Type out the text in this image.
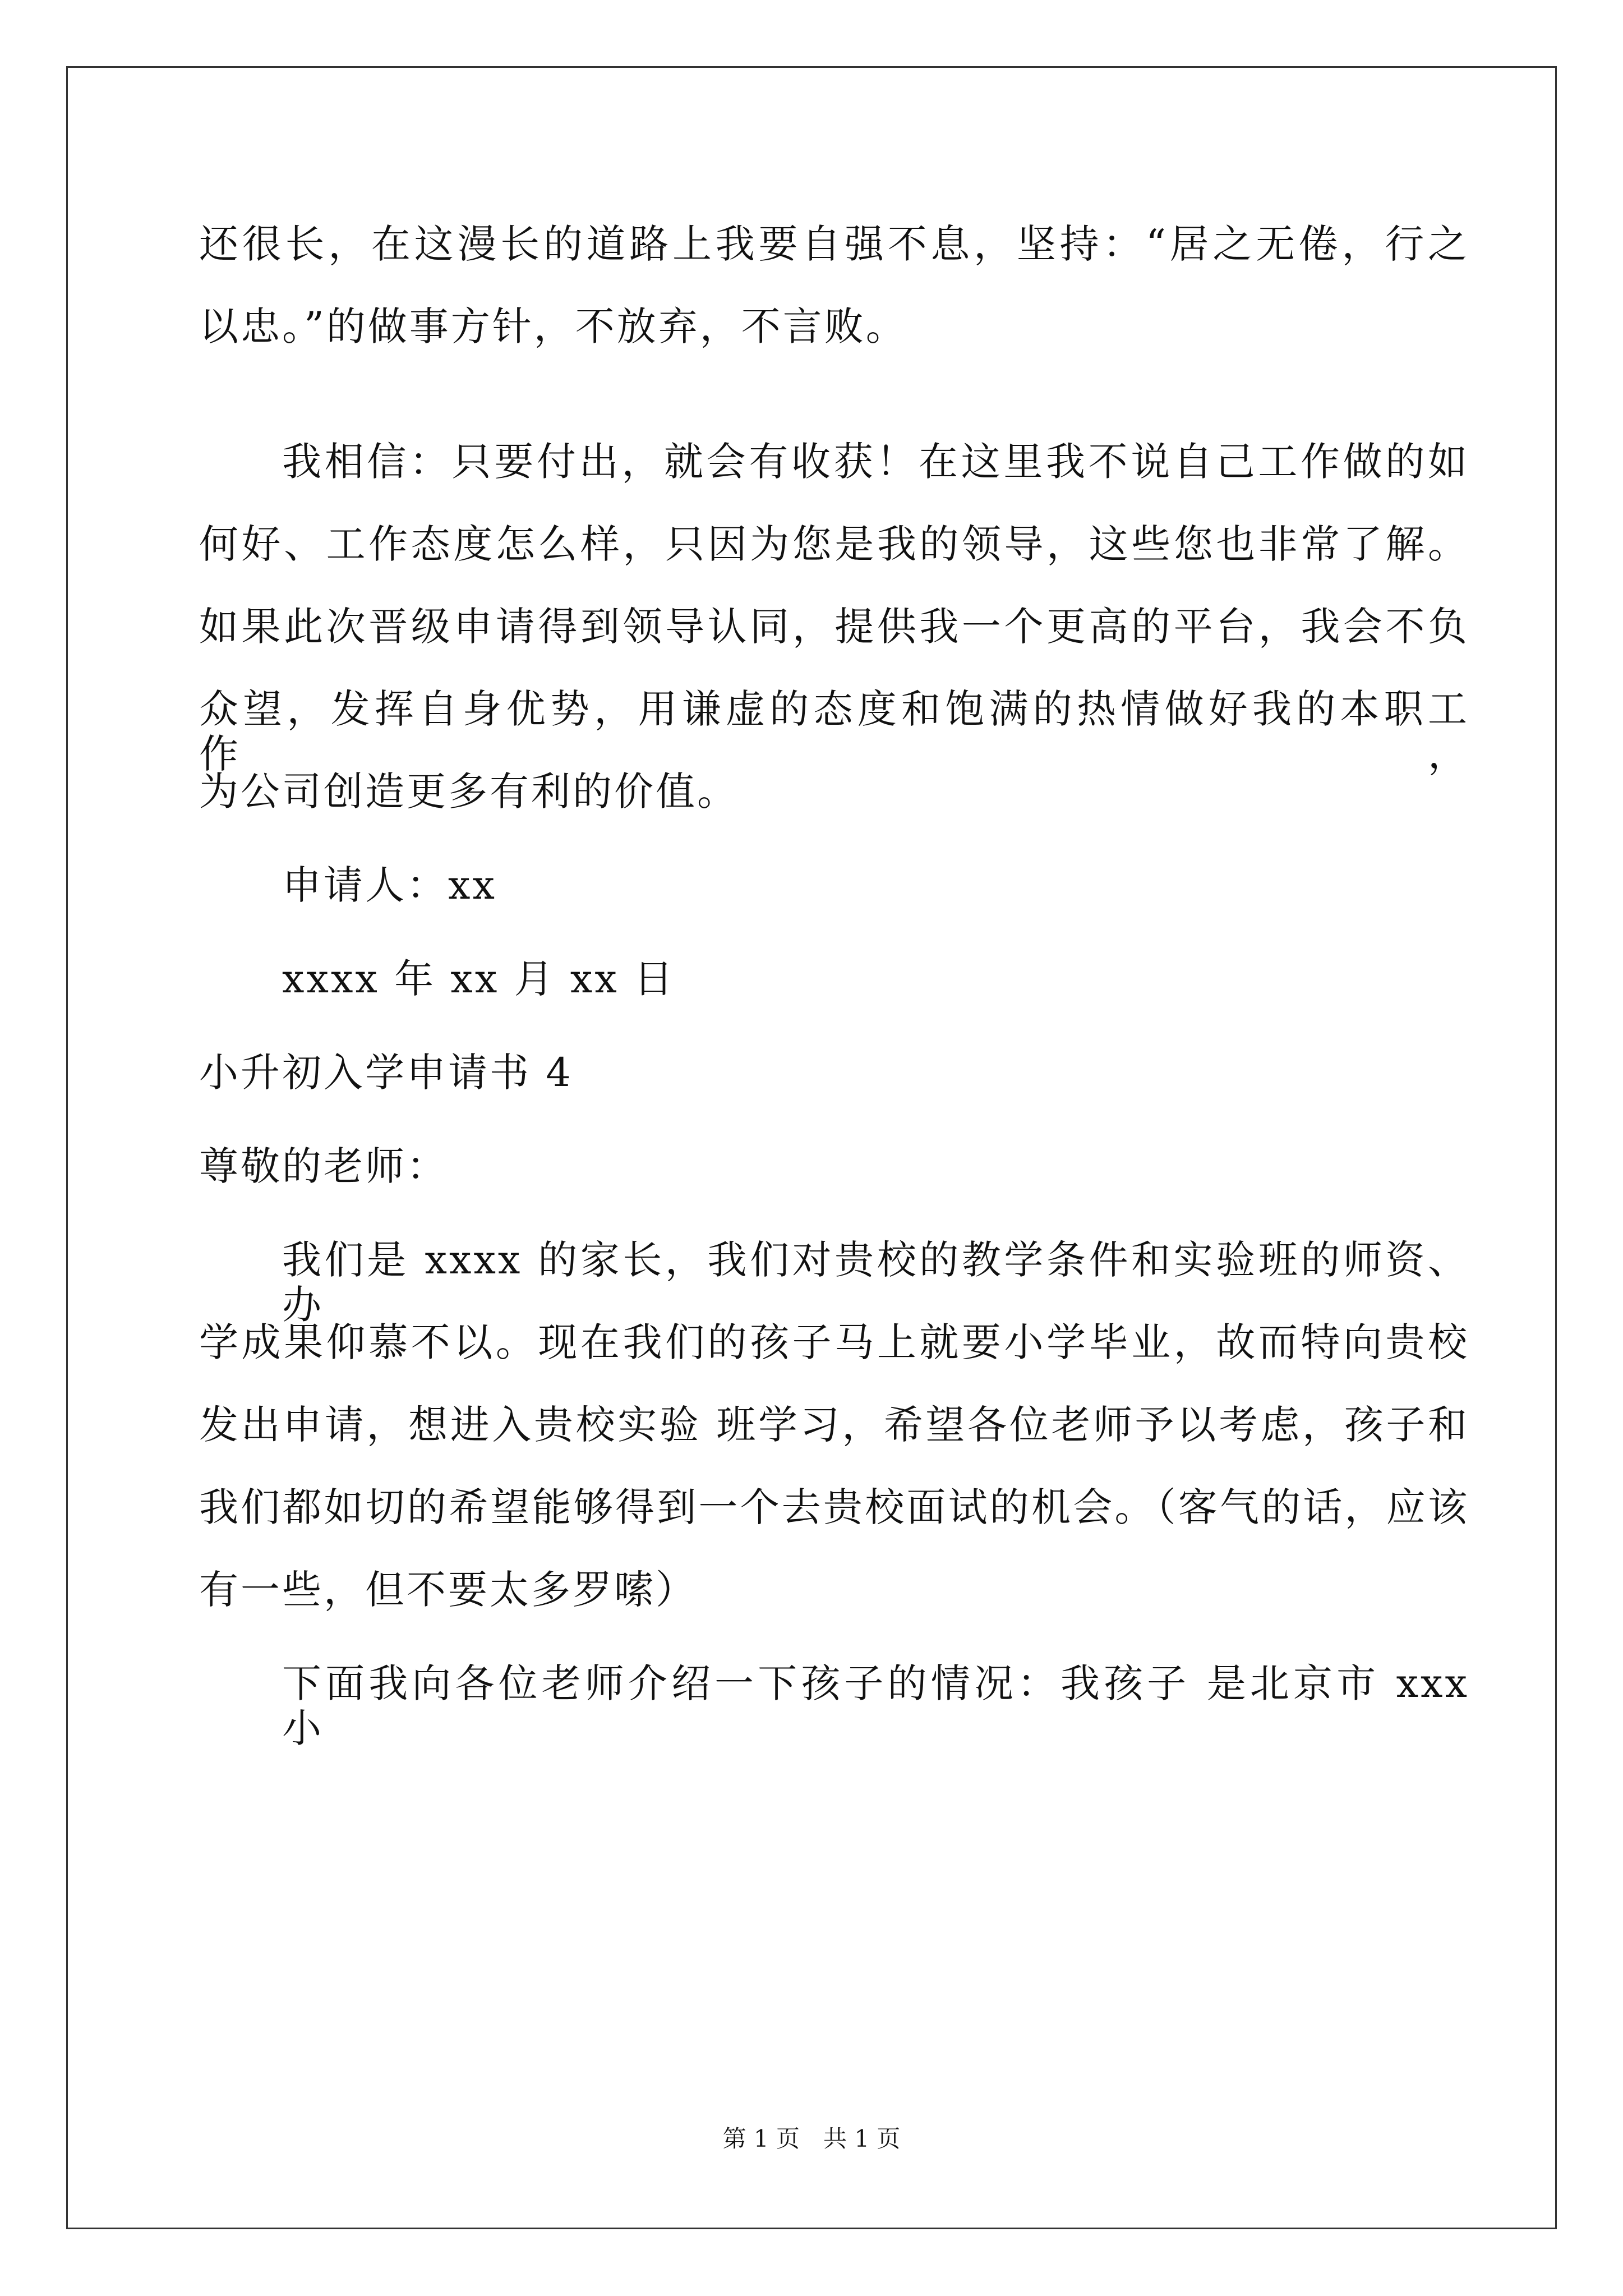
还很长，在这漫长的道路上我要自强不息，坚持：“居之无倦，行之
以忠。”的做事方针，不放弃，不言败。
我相信：只要付出，就会有收获！在这里我不说自己工作做的如
何好、工作态度怎么样，只因为您是我的领导，这些您也非常了解。
如果此次晋级申请得到领导认同，提供我一个更高的平台，我会不负
众望，发挥自身优势，用谦虚的态度和饱满的热情做好我的本职工作，
为公司创造更多有利的价值。
申请人：xx
xxxx 年 xx 月 xx 日
小升初入学申请书 4
尊敬的老师：
我们是 xxxx 的家长，我们对贵校的教学条件和实验班的师资、办
学成果仰慕不以。现在我们的孩子马上就要小学毕业，故而特向贵校
发出申请，想进入贵校实验 班学习，希望各位老师予以考虑，孩子和
我们都如切的希望能够得到一个去贵校面试的机会。（客气的话，应该
有一些，但不要太多罗嗦）
下面我向各位老师介绍一下孩子的情况：我孩子 是北京市 xxx 小
第 1 页 共 1 页
